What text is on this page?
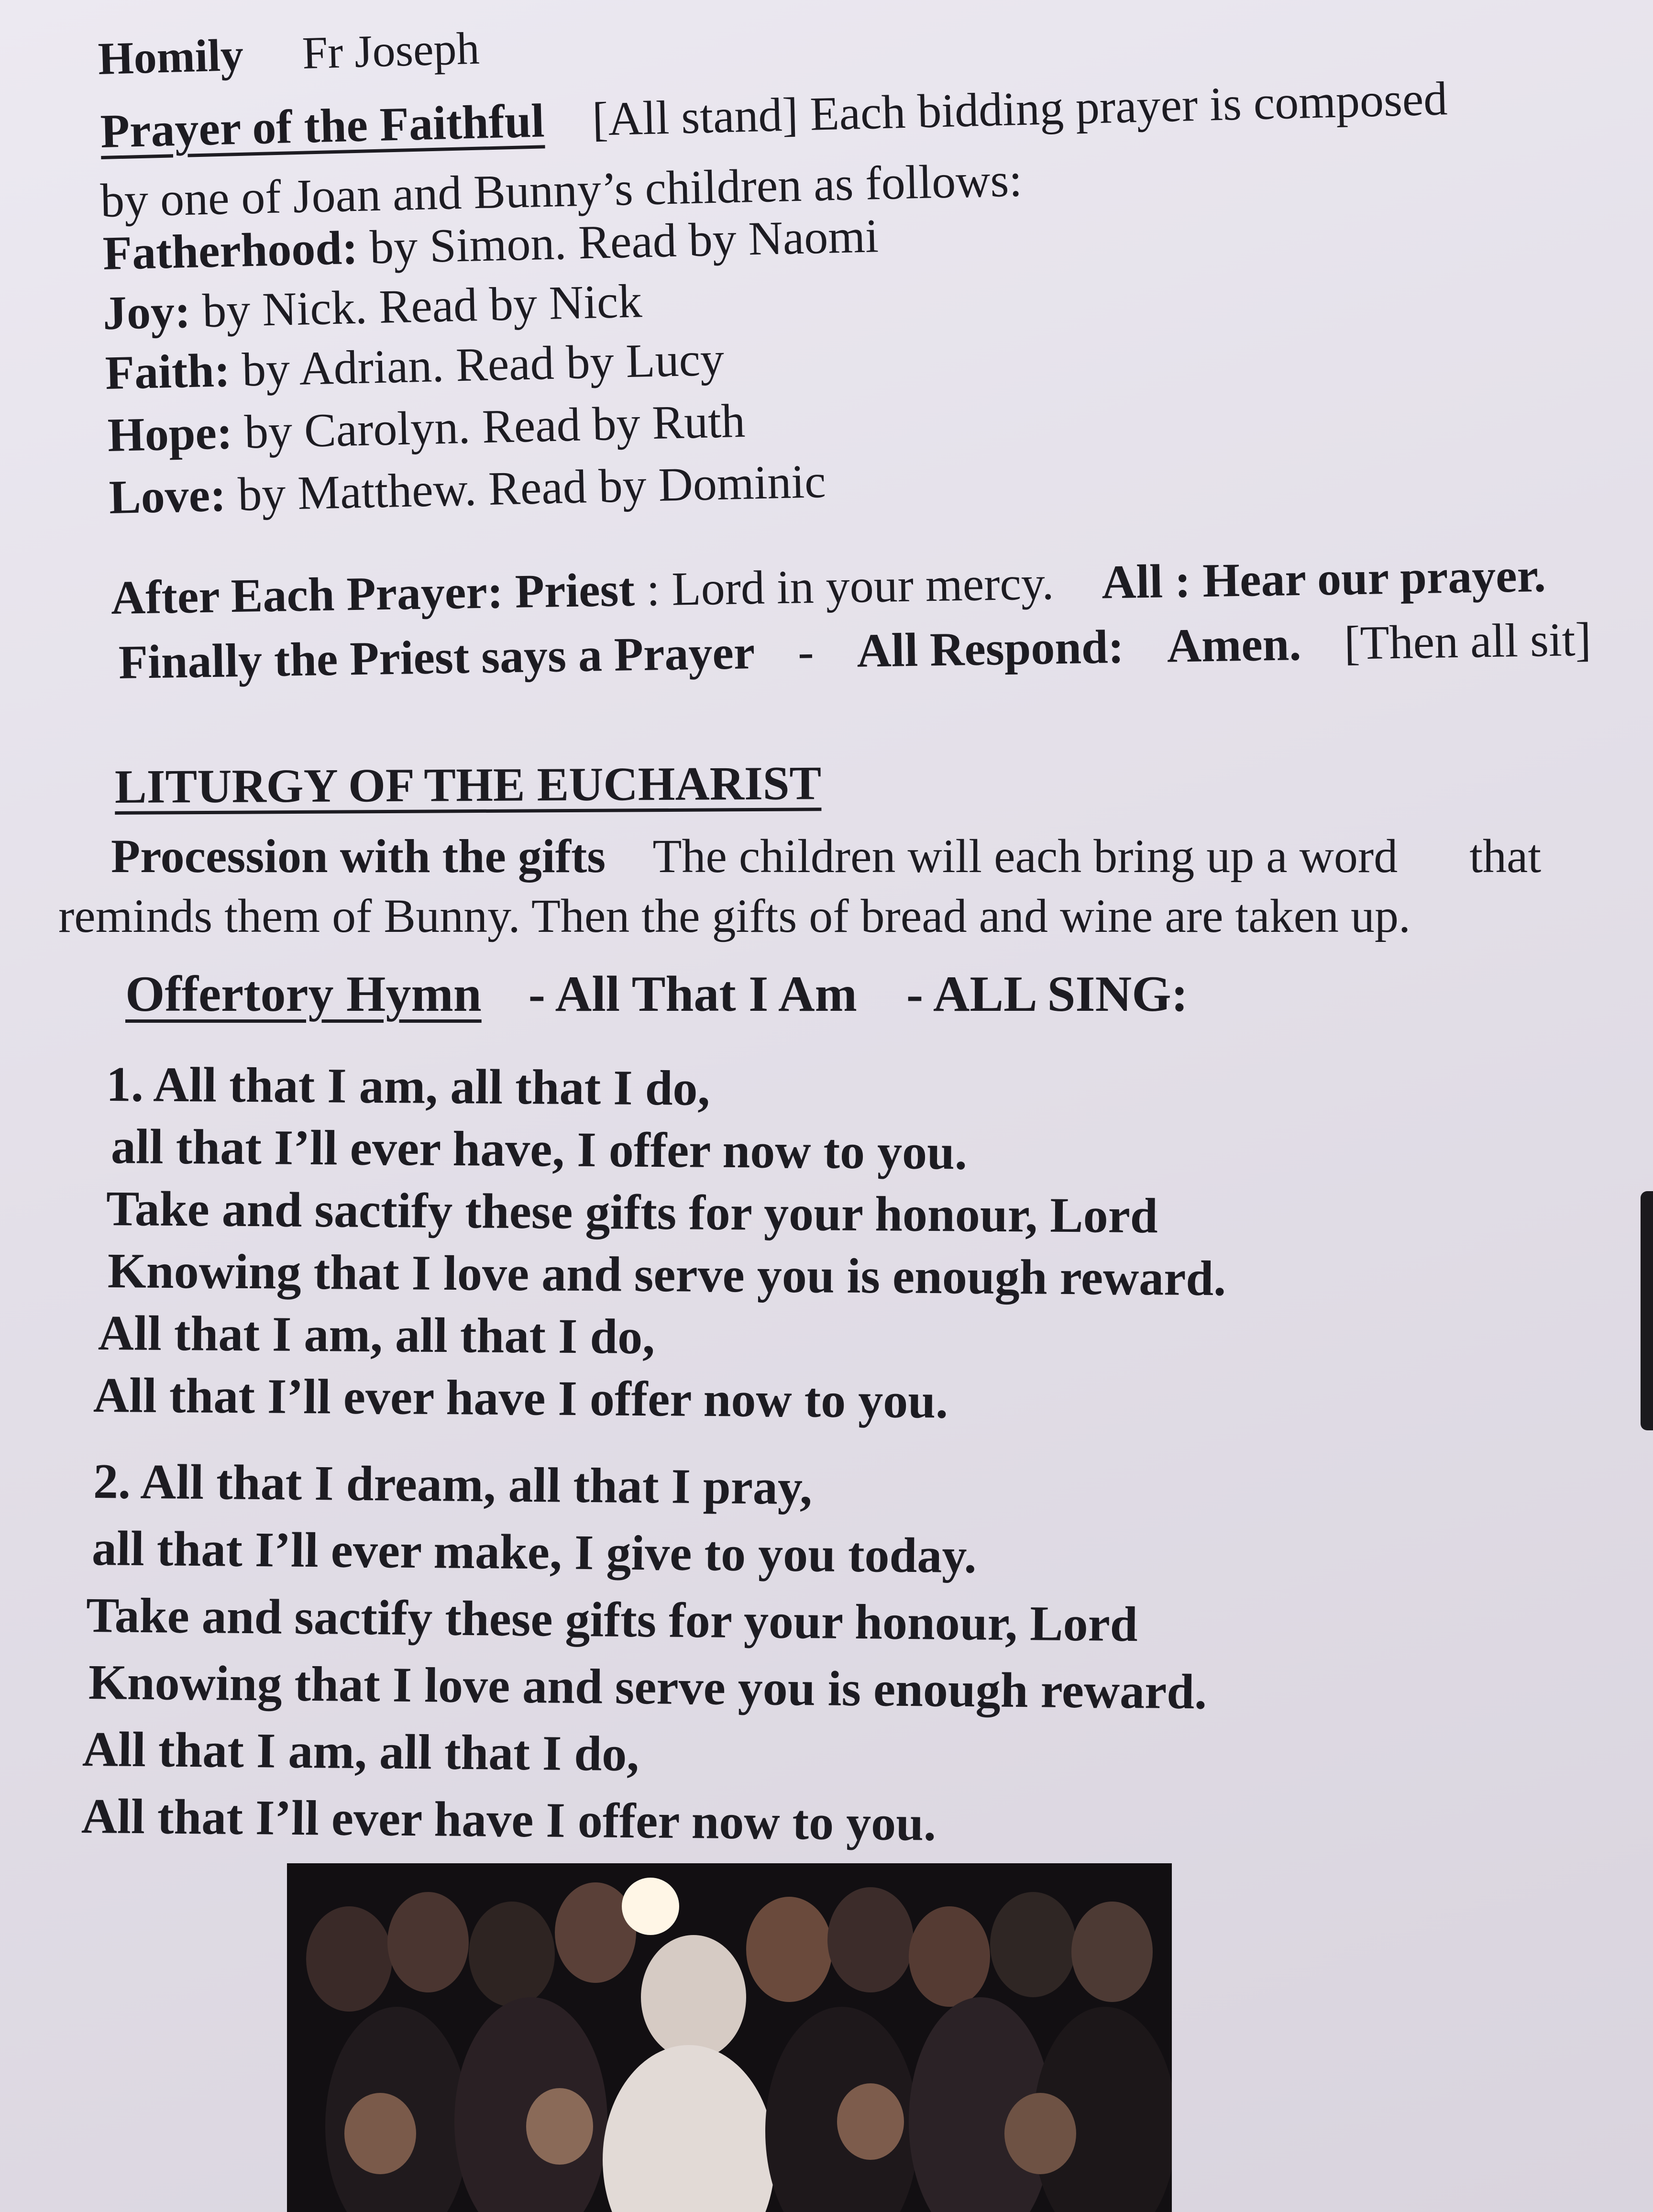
Homily Fr Joseph
Prayer of the Faithful [All stand] Each bidding prayer is composed
by one of Joan and Bunny’s children as follows:
Fatherhood: by Simon. Read by Naomi
Joy: by Nick. Read by Nick
Faith: by Adrian. Read by Lucy
Hope: by Carolyn. Read by Ruth
Love: by Matthew. Read by Dominic
After Each Prayer: Priest : Lord in your mercy. All : Hear our prayer.
Finally the Priest says a Prayer - All Respond: Amen. [Then all sit]
LITURGY OF THE EUCHARIST
Procession with the gifts The children will each bring up a word that
reminds them of Bunny. Then the gifts of bread and wine are taken up.
Offertory Hymn - All That I Am - ALL SING:
1. All that I am, all that I do,
all that I’ll ever have, I offer now to you.
Take and sactify these gifts for your honour, Lord
Knowing that I love and serve you is enough reward.
All that I am, all that I do,
All that I’ll ever have I offer now to you.
2. All that I dream, all that I pray,
all that I’ll ever make, I give to you today.
Take and sactify these gifts for your honour, Lord
Knowing that I love and serve you is enough reward.
All that I am, all that I do,
All that I’ll ever have I offer now to you.
